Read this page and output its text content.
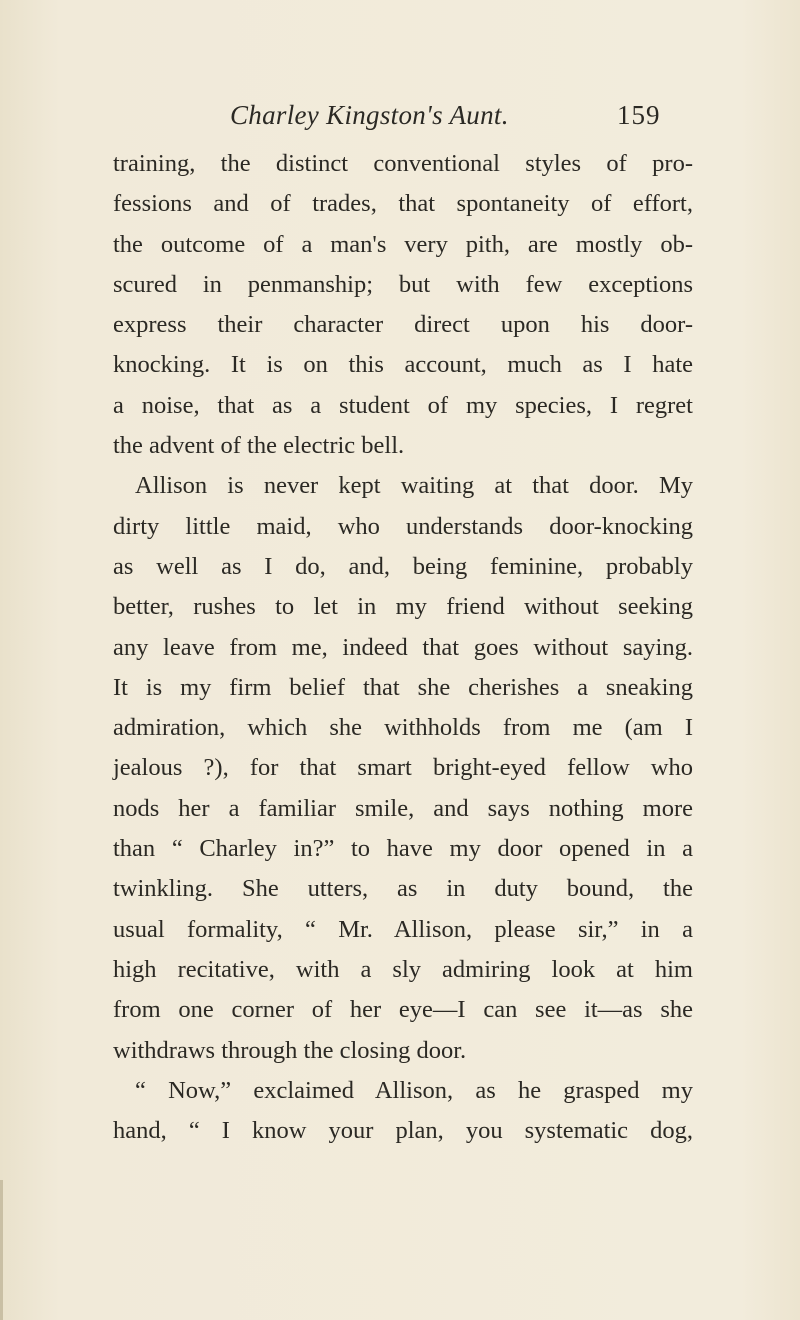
Charley Kingston's Aunt.	159
training, the distinct conventional styles of pro-
fessions and of trades, that spontaneity of effort,
the outcome of a man's very pith, are mostly ob-
scured in penmanship; but with few exceptions
express their character direct upon his door-
knocking. It is on this account, much as I hate
a noise, that as a student of my species, I regret
the advent of the electric bell.
Allison is never kept waiting at that door. My
dirty little maid, who understands door-knocking
as well as I do, and, being feminine, probably
better, rushes to let in my friend without seeking
any leave from me, indeed that goes without saying.
It is my firm belief that she cherishes a sneaking
admiration, which she withholds from me (am I
jealous ?), for that smart bright-eyed fellow who
nods her a familiar smile, and says nothing more
than “ Charley in?” to have my door opened in a
twinkling. She utters, as in duty bound, the
usual formality, “ Mr. Allison, please sir,” in a
high recitative, with a sly admiring look at him
from one corner of her eye—I can see it—as she
withdraws through the closing door.
“ Now,” exclaimed Allison, as he grasped my
hand, “ I know your plan, you systematic dog,
